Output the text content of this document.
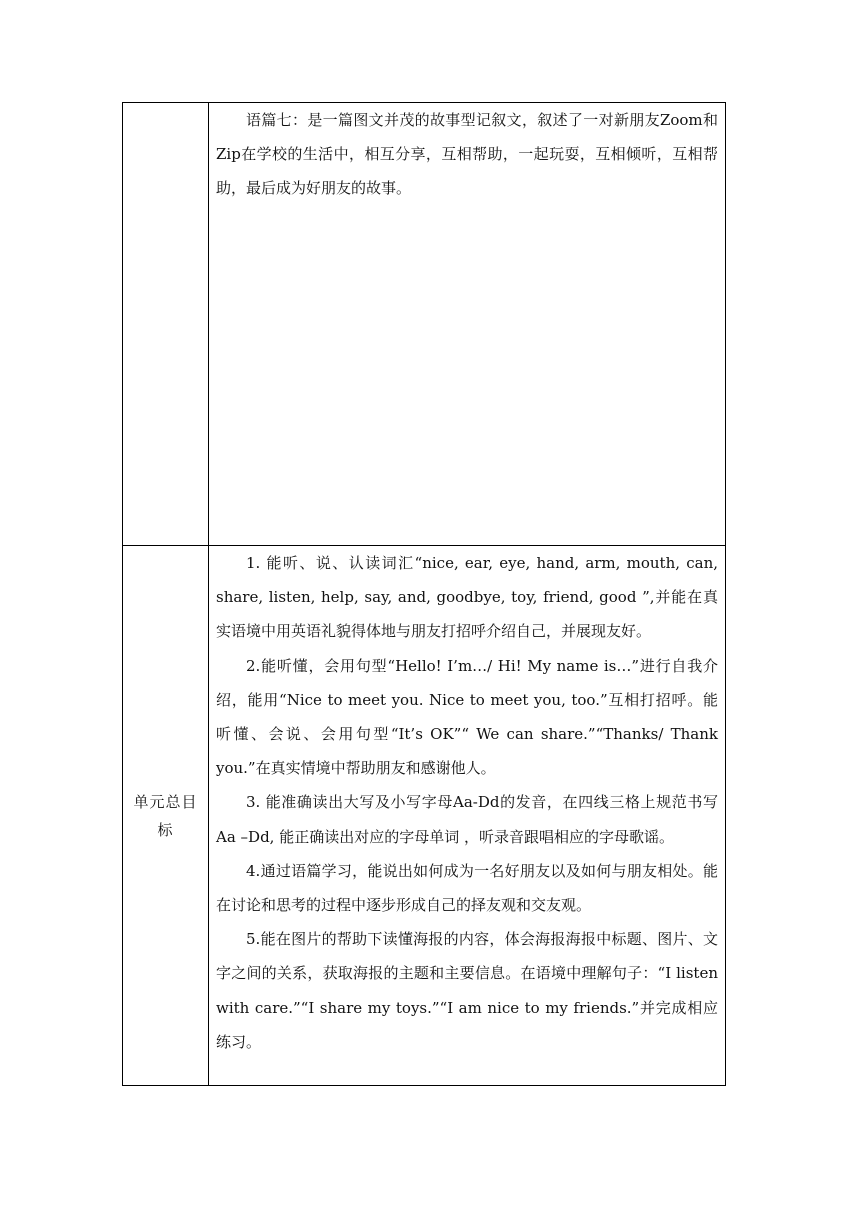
	语篇七：是一篇图文并茂的故事型记叙文，叙述了一对新朋友Zoom和Zip在学校的生活中，相互分享，互相帮助，一起玩耍，互相倾听，互相帮助，最后成为好朋友的故事。

单元总目标	1. 能听、说、认读词汇“nice, ear, eye, hand, arm, mouth, can, share, listen, help, say, and, goodbye, toy, friend, good ”,并能在真实语境中用英语礼貌得体地与朋友打招呼介绍自己，并展现友好。

2.能听懂，会用句型“Hello! I’m…/ Hi! My name is…”进行自我介绍，能用“Nice to meet you. Nice to meet you, too.”互相打招呼。能听懂、会说、会用句型“It’s OK”“ We can share.”“Thanks/ Thank you.”在真实情境中帮助朋友和感谢他人。

3. 能准确读出大写及小写字母Aa-Dd的发音，在四线三格上规范书写Aa –Dd, 能正确读出对应的字母单词 ，听录音跟唱相应的字母歌谣。

4.通过语篇学习，能说出如何成为一名好朋友以及如何与朋友相处。能在讨论和思考的过程中逐步形成自己的择友观和交友观。

5.能在图片的帮助下读懂海报的内容，体会海报海报中标题、图片、文字之间的关系，获取海报的主题和主要信息。在语境中理解句子：“I listen with care.”“I share my toys.”“I am nice to my friends.”并完成相应练习。
